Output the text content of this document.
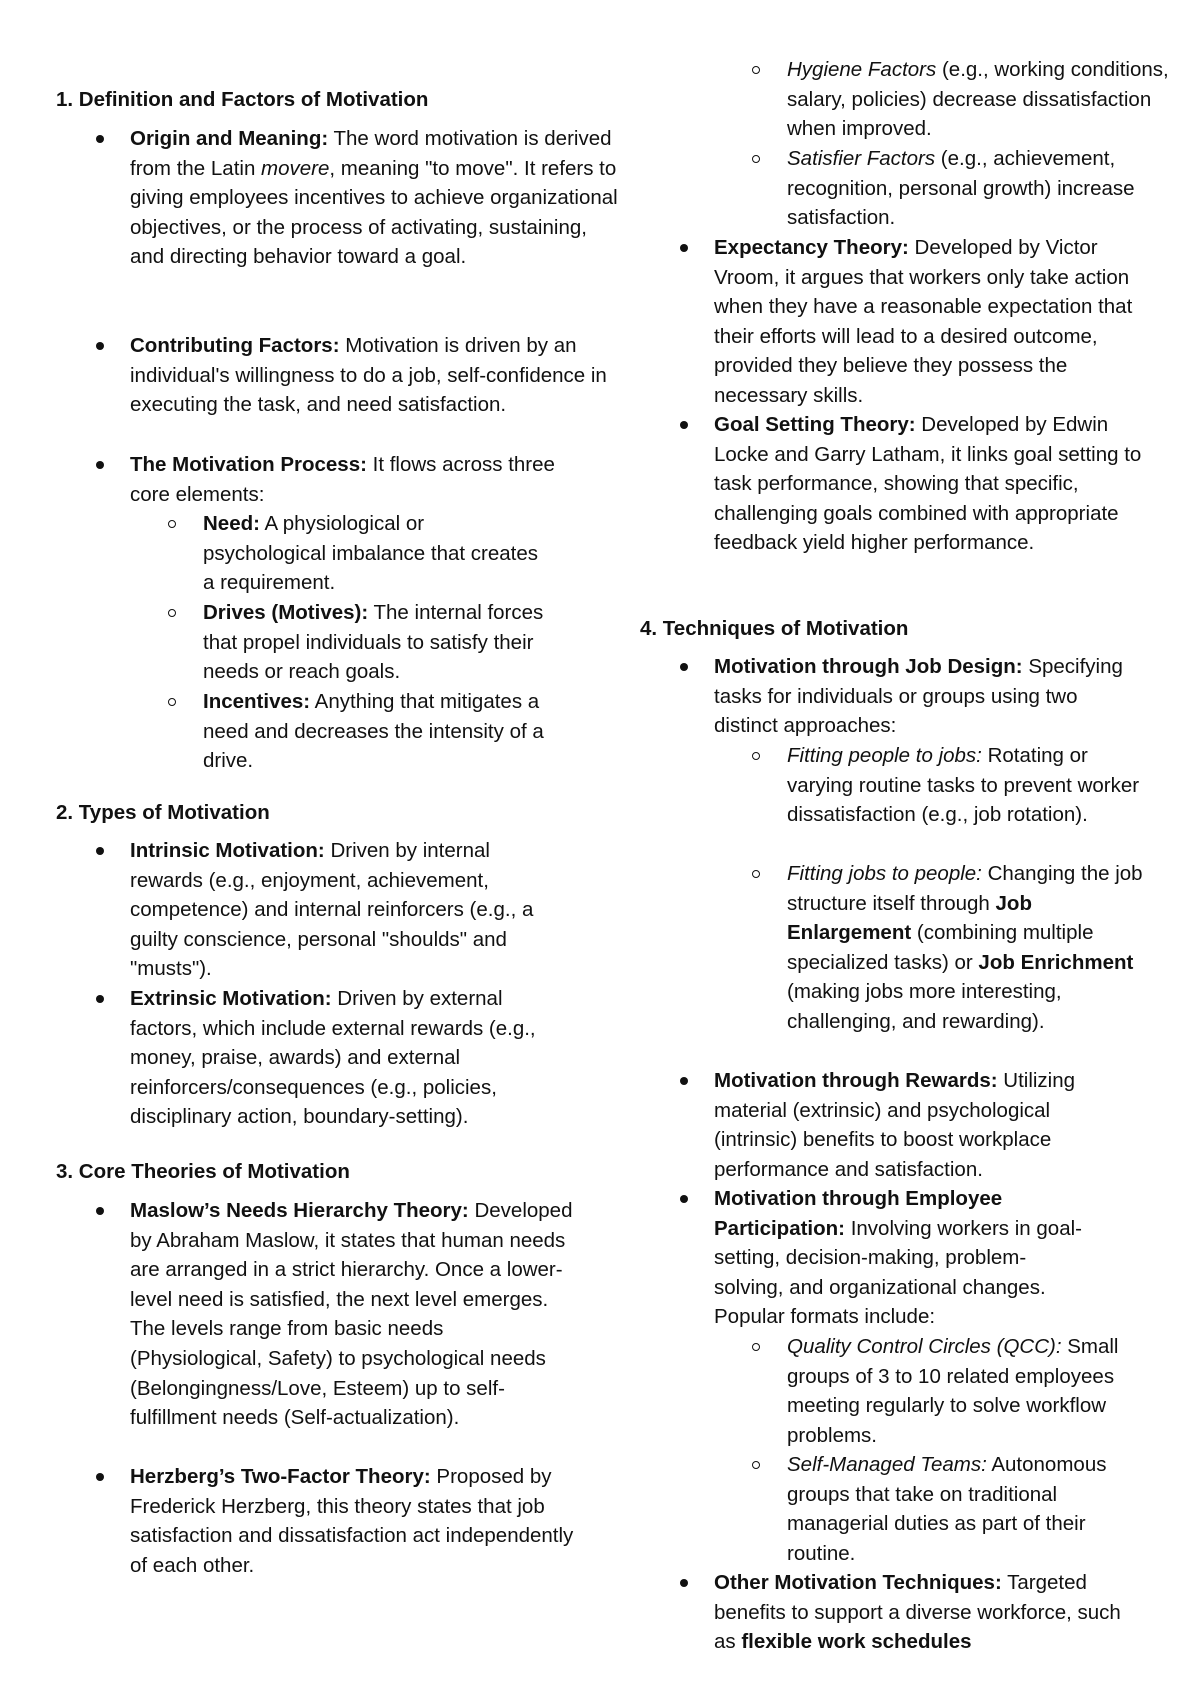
1. Definition and Factors of Motivation
Origin and Meaning: The word motivation is derived from the Latin movere, meaning "to move". It refers to giving employees incentives to achieve organizational objectives, or the process of activating, sustaining, and directing behavior toward a goal.
Contributing Factors: Motivation is driven by an individual's willingness to do a job, self-confidence in executing the task, and need satisfaction.
The Motivation Process: It flows across three core elements:
Need: A physiological or psychological imbalance that creates a requirement.
Drives (Motives): The internal forces that propel individuals to satisfy their needs or reach goals.
Incentives: Anything that mitigates a need and decreases the intensity of a drive.
2. Types of Motivation
Intrinsic Motivation: Driven by internal rewards (e.g., enjoyment, achievement, competence) and internal reinforcers (e.g., a guilty conscience, personal "shoulds" and "musts").
Extrinsic Motivation: Driven by external factors, which include external rewards (e.g., money, praise, awards) and external reinforcers/consequences (e.g., policies, disciplinary action, boundary-setting).
3. Core Theories of Motivation
Maslow’s Needs Hierarchy Theory: Developed by Abraham Maslow, it states that human needs are arranged in a strict hierarchy. Once a lower-level need is satisfied, the next level emerges. The levels range from basic needs (Physiological, Safety) to psychological needs (Belongingness/Love, Esteem) up to self-fulfillment needs (Self-actualization).
Herzberg’s Two-Factor Theory: Proposed by Frederick Herzberg, this theory states that job satisfaction and dissatisfaction act independently of each other.
Hygiene Factors (e.g., working conditions, salary, policies) decrease dissatisfaction when improved.
Satisfier Factors (e.g., achievement, recognition, personal growth) increase satisfaction.
Expectancy Theory: Developed by Victor Vroom, it argues that workers only take action when they have a reasonable expectation that their efforts will lead to a desired outcome, provided they believe they possess the necessary skills.
Goal Setting Theory: Developed by Edwin Locke and Garry Latham, it links goal setting to task performance, showing that specific, challenging goals combined with appropriate feedback yield higher performance.
4. Techniques of Motivation
Motivation through Job Design: Specifying tasks for individuals or groups using two distinct approaches:
Fitting people to jobs: Rotating or varying routine tasks to prevent worker dissatisfaction (e.g., job rotation).
Fitting jobs to people: Changing the job structure itself through Job Enlargement (combining multiple specialized tasks) or Job Enrichment (making jobs more interesting, challenging, and rewarding).
Motivation through Rewards: Utilizing material (extrinsic) and psychological (intrinsic) benefits to boost workplace performance and satisfaction.
Motivation through Employee Participation: Involving workers in goal-setting, decision-making, problem-solving, and organizational changes. Popular formats include:
Quality Control Circles (QCC): Small groups of 3 to 10 related employees meeting regularly to solve workflow problems.
Self-Managed Teams: Autonomous groups that take on traditional managerial duties as part of their routine.
Other Motivation Techniques: Targeted benefits to support a diverse workforce, such as flexible work schedules
